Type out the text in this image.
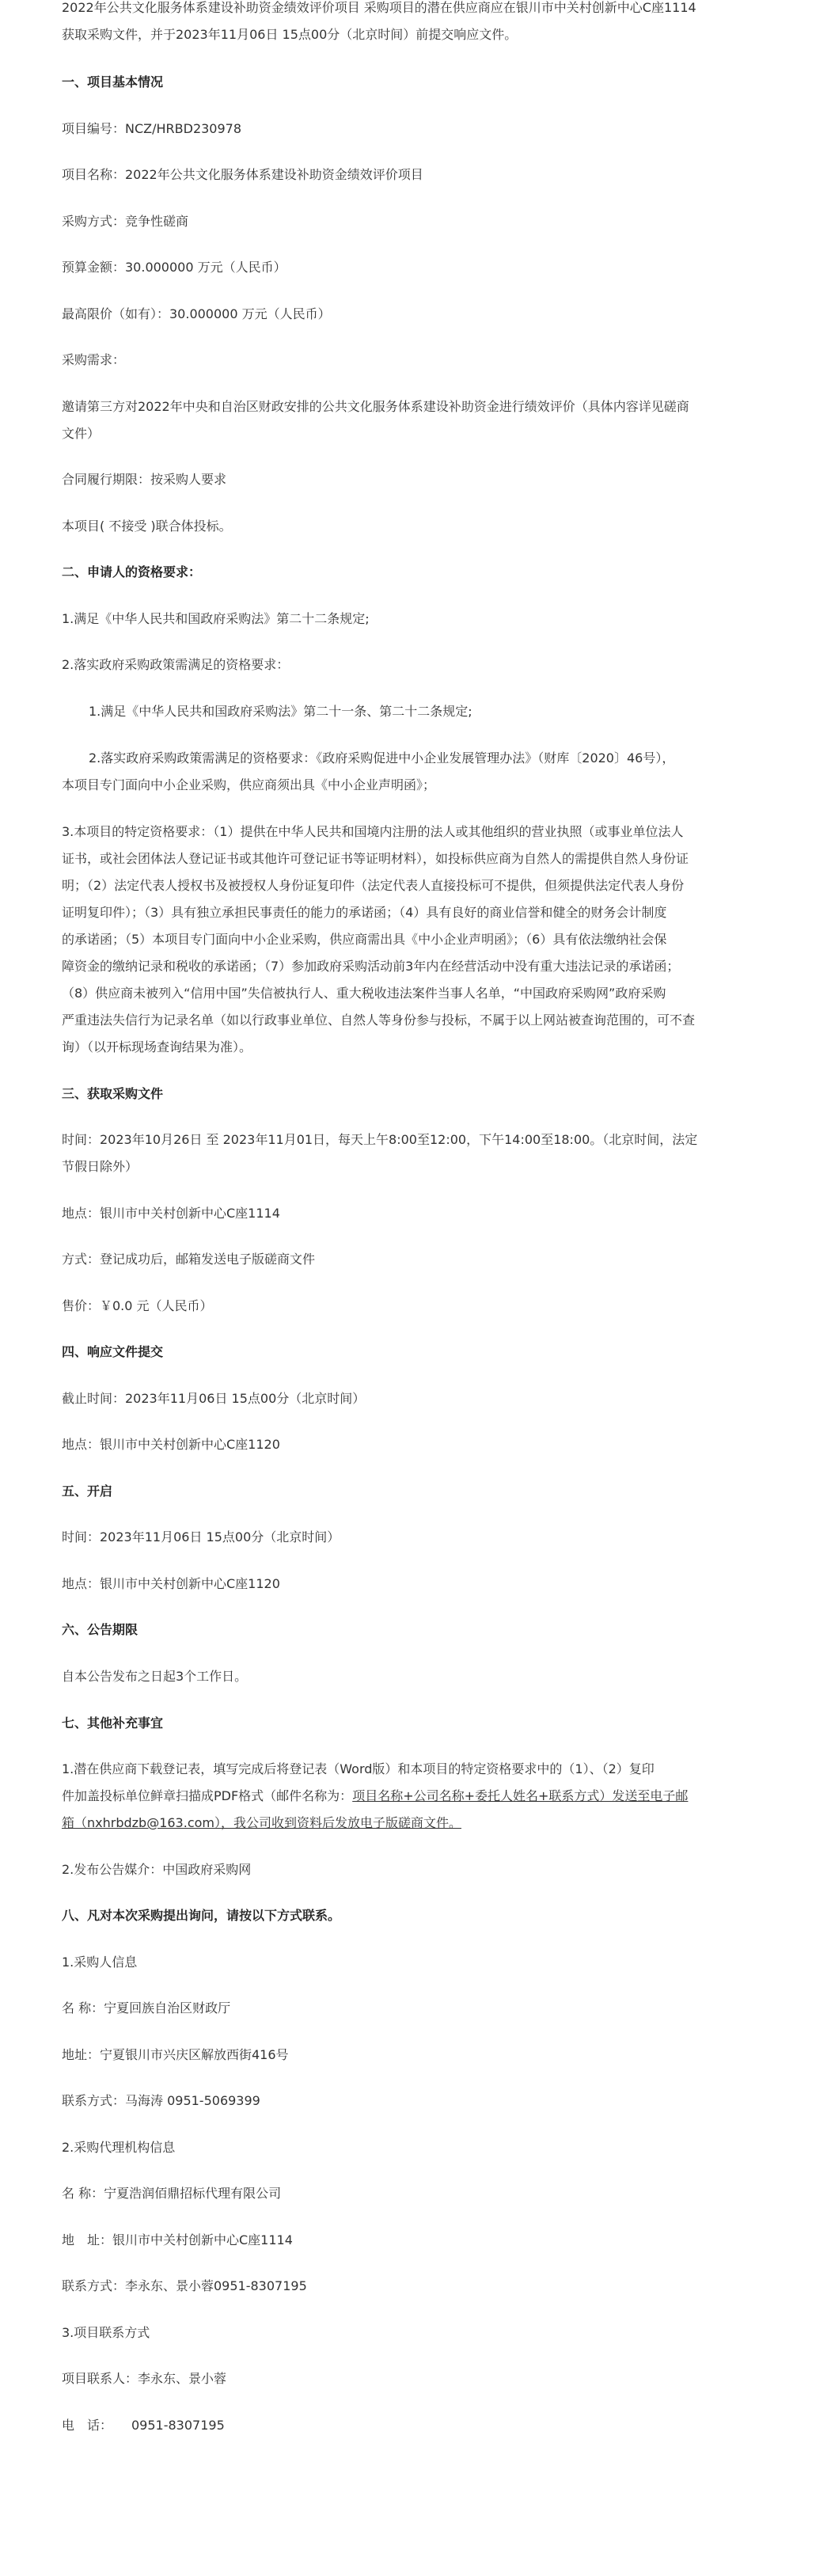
2022年公共文化服务体系建设补助资金绩效评价项目 采购项目的潜在供应商应在银川市中关村创新中心C座1114

获取采购文件，并于2023年11月06日 15点00分（北京时间）前提交响应文件。

一、项目基本情况

项目编号：NCZ/HRBD230978

项目名称：2022年公共文化服务体系建设补助资金绩效评价项目

采购方式：竞争性磋商

预算金额：30.000000 万元（人民币）

最高限价（如有）：30.000000 万元（人民币）

采购需求：

邀请第三方对2022年中央和自治区财政安排的公共文化服务体系建设补助资金进行绩效评价（具体内容详见磋商

文件）

合同履行期限：按采购人要求

本项目( 不接受 )联合体投标。

二、申请人的资格要求：

1.满足《中华人民共和国政府采购法》第二十二条规定;

2.落实政府采购政策需满足的资格要求：

1.满足《中华人民共和国政府采购法》第二十一条、第二十二条规定;

2.落实政府采购政策需满足的资格要求：《政府采购促进中小企业发展管理办法》（财库〔2020〕46号），

本项目专门面向中小企业采购，供应商须出具《中小企业声明函》；

3.本项目的特定资格要求：（1）提供在中华人民共和国境内注册的法人或其他组织的营业执照（或事业单位法人

证书，或社会团体法人登记证书或其他许可登记证书等证明材料），如投标供应商为自然人的需提供自然人身份证

明；（2）法定代表人授权书及被授权人身份证复印件（法定代表人直接投标可不提供，但须提供法定代表人身份

证明复印件）；（3）具有独立承担民事责任的能力的承诺函；（4）具有良好的商业信誉和健全的财务会计制度

的承诺函；（5）本项目专门面向中小企业采购，供应商需出具《中小企业声明函》；（6）具有依法缴纳社会保

障资金的缴纳记录和税收的承诺函；（7）参加政府采购活动前3年内在经营活动中没有重大违法记录的承诺函；

（8）供应商未被列入“信用中国”失信被执行人、重大税收违法案件当事人名单，“中国政府采购网”政府采购

严重违法失信行为记录名单（如以行政事业单位、自然人等身份参与投标，不属于以上网站被查询范围的，可不查

询）（以开标现场查询结果为准）。

三、获取采购文件

时间：2023年10月26日 至 2023年11月01日，每天上午8:00至12:00，下午14:00至18:00。（北京时间，法定

节假日除外）

地点：银川市中关村创新中心C座1114

方式：登记成功后，邮箱发送电子版磋商文件

售价：￥0.0 元（人民币）

四、响应文件提交

截止时间：2023年11月06日 15点00分（北京时间）

地点：银川市中关村创新中心C座1120

五、开启

时间：2023年11月06日 15点00分（北京时间）

地点：银川市中关村创新中心C座1120

六、公告期限

自本公告发布之日起3个工作日。

七、其他补充事宜

1.潜在供应商下载登记表，填写完成后将登记表（Word版）和本项目的特定资格要求中的（1）、（2）复印

件加盖投标单位鲜章扫描成PDF格式（邮件名称为：项目名称+公司名称+委托人姓名+联系方式）发送至电子邮

箱（nxhrbdzb@163.com），我公司收到资料后发放电子版磋商文件。

2.发布公告媒介：中国政府采购网

八、凡对本次采购提出询问，请按以下方式联系。

1.采购人信息

名 称：宁夏回族自治区财政厅

地址：宁夏银川市兴庆区解放西街416号

联系方式：马海涛 0951-5069399

2.采购代理机构信息

名 称：宁夏浩润佰鼎招标代理有限公司

地　址：银川市中关村创新中心C座1114

联系方式：李永东、景小蓉0951-8307195

3.项目联系方式

项目联系人：李永东、景小蓉

电　话：　　0951-8307195
